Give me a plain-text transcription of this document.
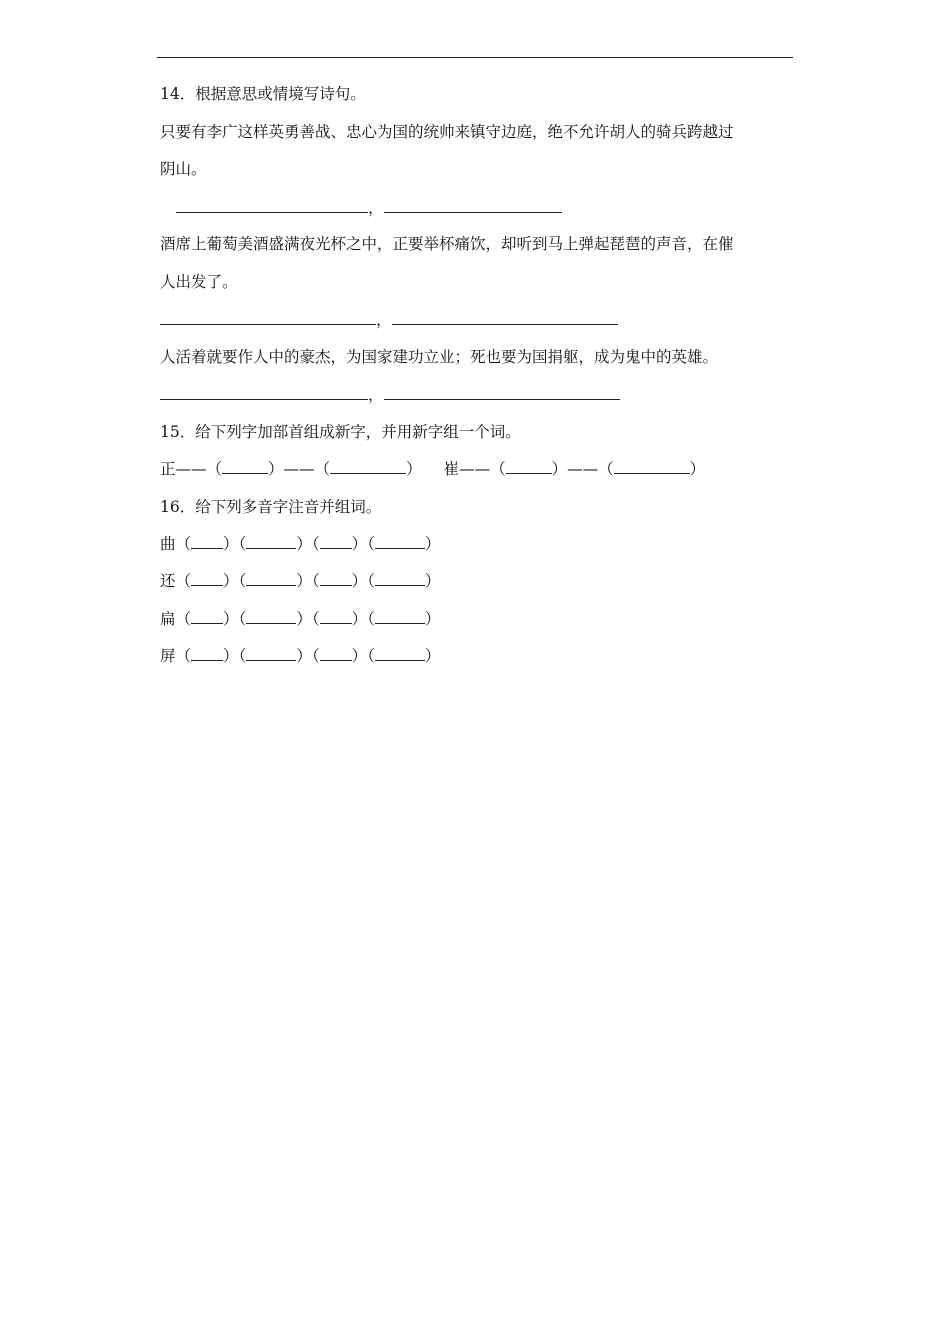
14．根据意思或情境写诗句。
只要有李广这样英勇善战、忠心为国的统帅来镇守边庭，绝不允许胡人的骑兵跨越过
阴山。
，
酒席上葡萄美酒盛满夜光杯之中，正要举杯痛饮，却听到马上弹起琵琶的声音，在催
人出发了。
，
人活着就要作人中的豪杰，为国家建功立业；死也要为国捐躯，成为鬼中的英雄。
，
15．给下列字加部首组成新字，并用新字组一个词。
正——（	）——（	） 崔——（	）——（	）
16．给下列多音字注音并组词。
曲（ ）（	）（ ）（	）
还（ ）（	）（ ）（	）
扁（ ）（	）（ ）（	）
屏（ ）（	）（ ）（	）
